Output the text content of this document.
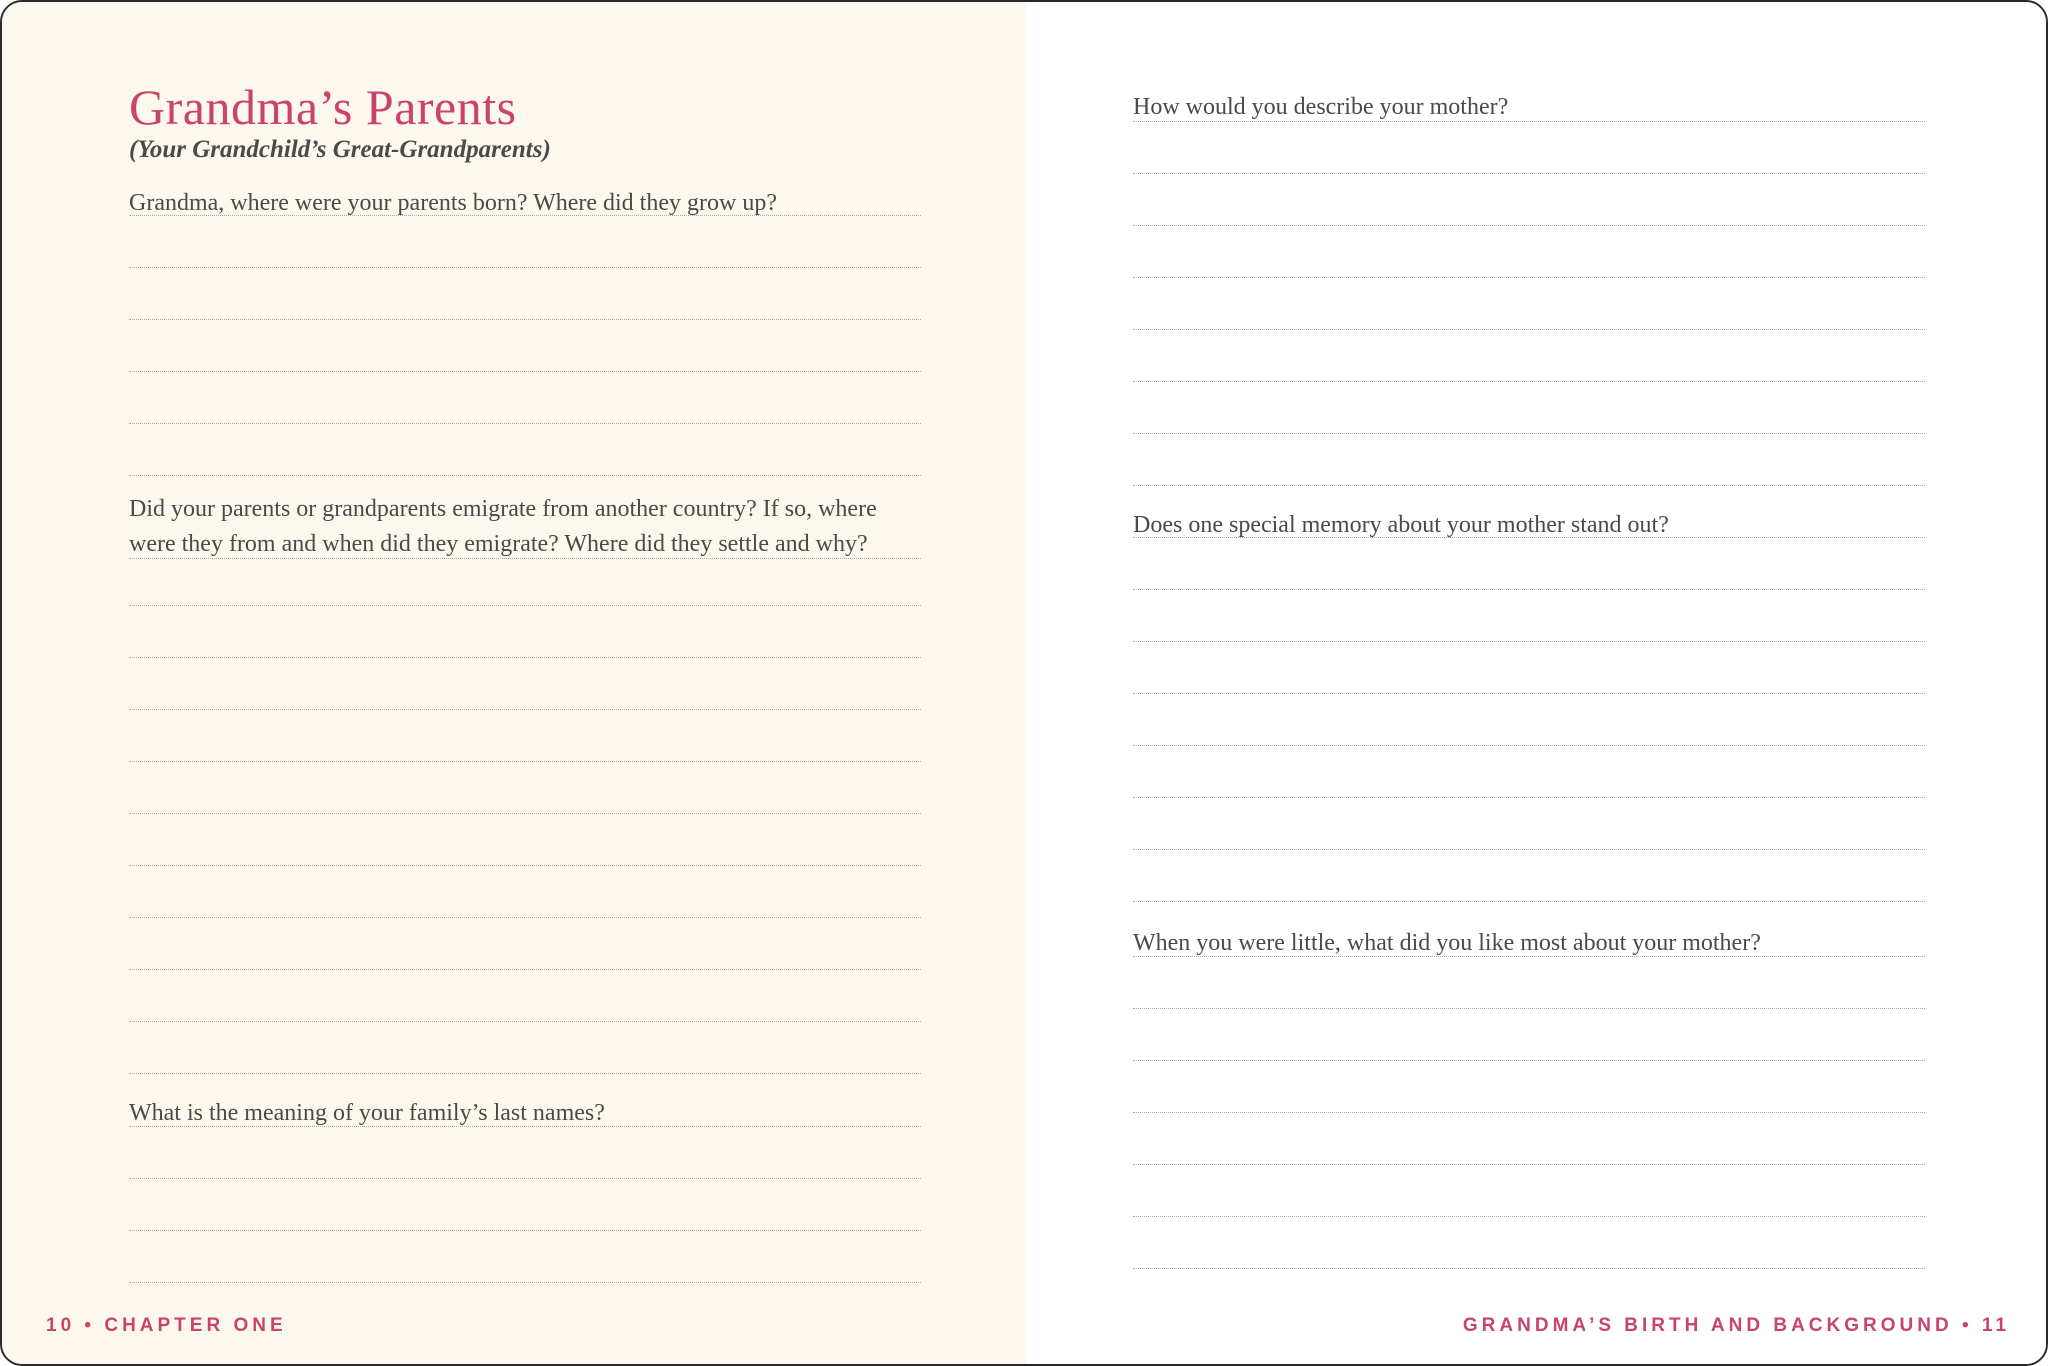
Grandma’s Parents
(Your Grandchild’s Great-Grandparents)
Grandma, where were your parents born? Where did they grow up?
Did your parents or grandparents emigrate from another country? If so, where
were they from and when did they emigrate? Where did they settle and why?
What is the meaning of your family’s last names?
10 • CHAPTER ONE
How would you describe your mother?
Does one special memory about your mother stand out?
When you were little, what did you like most about your mother?
GRANDMA’S BIRTH AND BACKGROUND • 11
